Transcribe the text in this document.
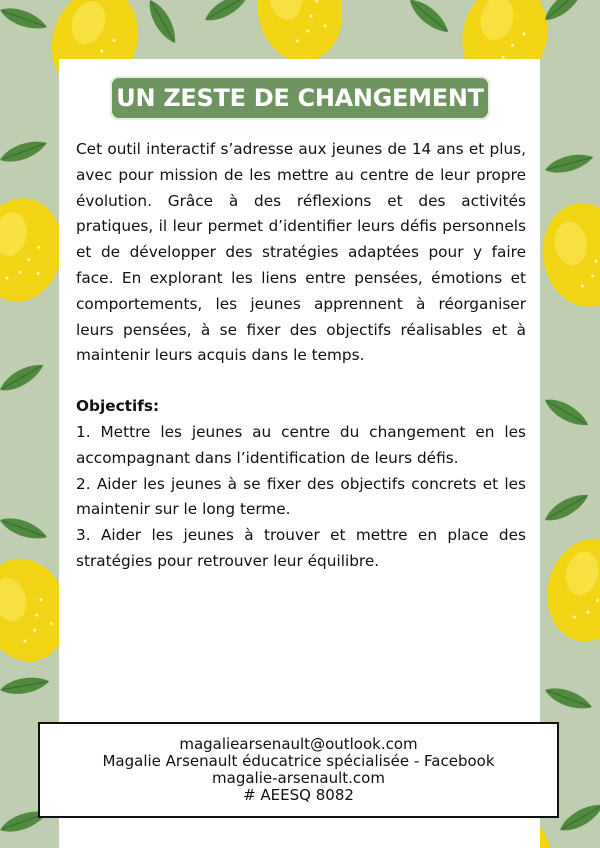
UN ZESTE DE CHANGEMENT

Cet outil interactif s’adresse aux jeunes de 14 ans et plus, avec pour mission de les mettre au centre de leur propre évolution. Grâce à des réflexions et des activités pratiques, il leur permet d’identifier leurs défis personnels et de développer des stratégies adaptées pour y faire face. En explorant les liens entre pensées, émotions et comportements, les jeunes apprennent à réorganiser leurs pensées, à se fixer des objectifs réalisables et à maintenir leurs acquis dans le temps.

Objectifs:

1. Mettre les jeunes au centre du changement en les accompagnant dans l’identification de leurs défis.

2. Aider les jeunes à se fixer des objectifs concrets et les maintenir sur le long terme.

3. Aider les jeunes à trouver et mettre en place des stratégies pour retrouver leur équilibre.

magaliearsenault@outlook.com
Magalie Arsenault éducatrice spécialisée - Facebook
magalie-arsenault.com
# AEESQ 8082
